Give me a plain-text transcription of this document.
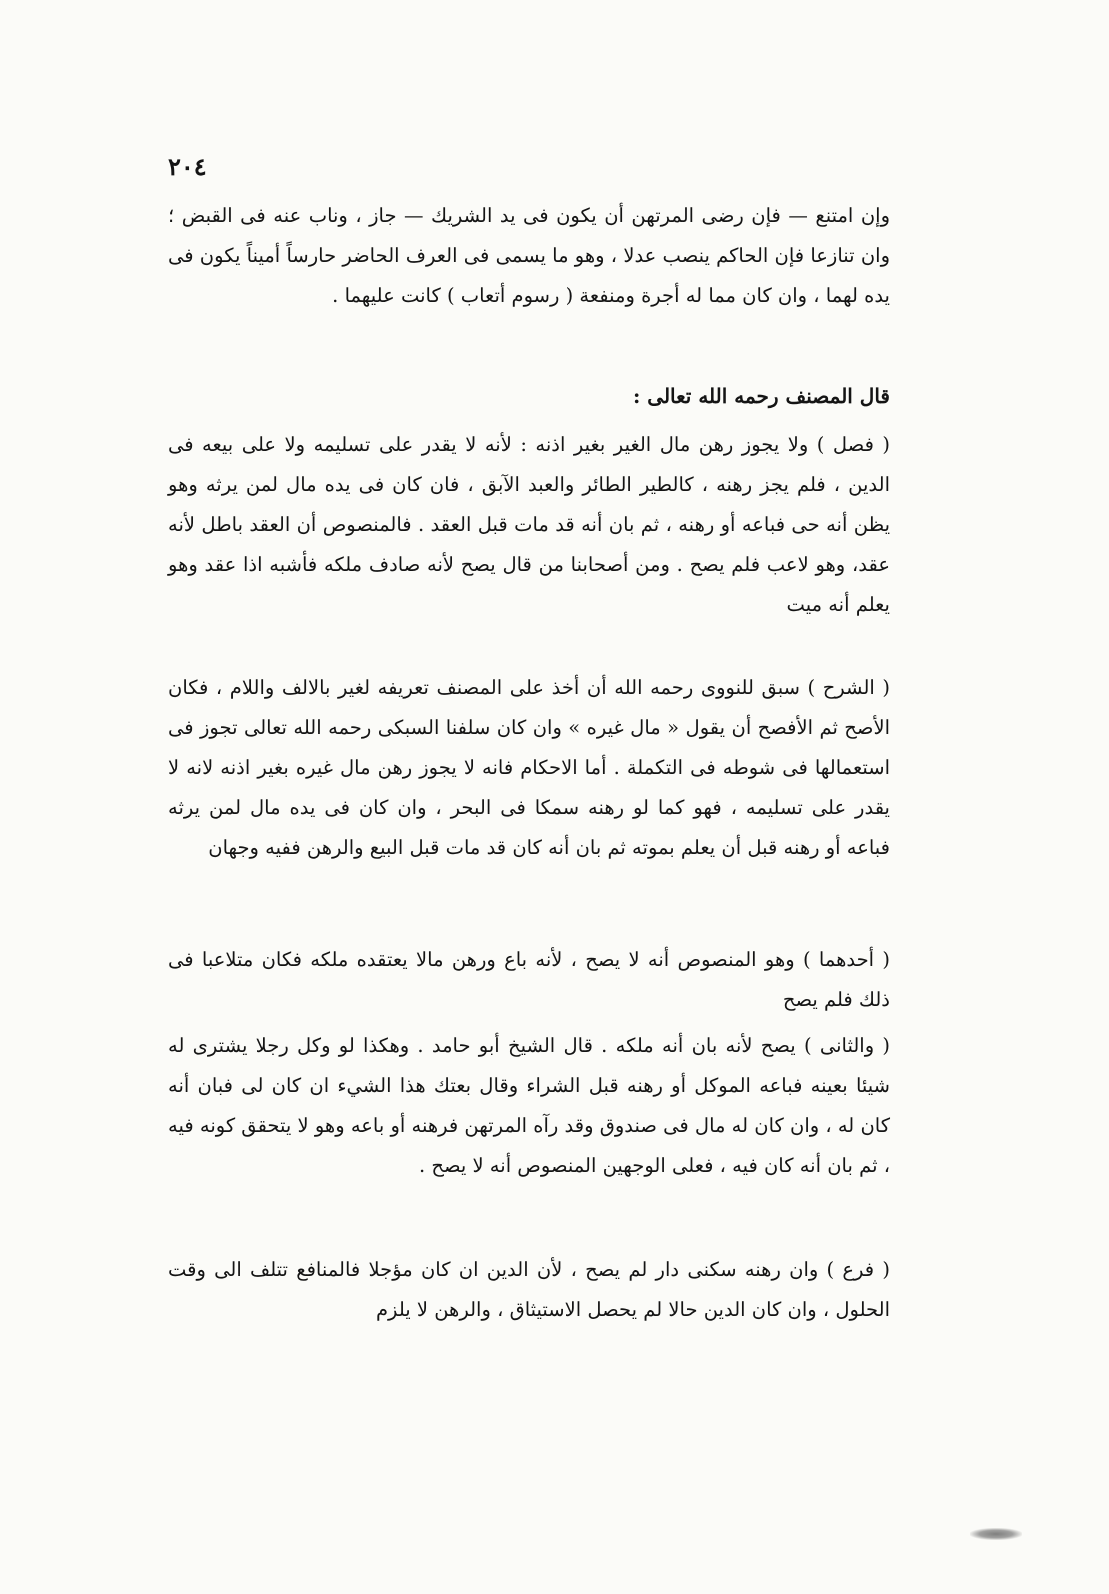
٢٠٤

وإن امتنع — فإن رضى المرتهن أن يكون فى يد الشريك — جاز ، وناب عنه فى القبض ؛ وان تنازعا فإن الحاكم ينصب عدلا ، وهو ما يسمى فى العرف الحاضر حارساً أميناً يكون فى يده لهما ، وان كان مما له أجرة ومنفعة ( رسوم أتعاب ) كانت عليهما .

قال المصنف رحمه الله تعالى :

( فصل ) ولا يجوز رهن مال الغير بغير اذنه : لأنه لا يقدر على تسليمه ولا على بيعه فى الدين ، فلم يجز رهنه ، كالطير الطائر والعبد الآبق ، فان كان فى يده مال لمن يرثه وهو يظن أنه حى فباعه أو رهنه ، ثم بان أنه قد مات قبل العقد . فالمنصوص أن العقد باطل لأنه عقد، وهو لاعب فلم يصح . ومن أصحابنا من قال يصح لأنه صادف ملكه فأشبه اذا عقد وهو يعلم أنه ميت

( الشرح ) سبق للنووى رحمه الله أن أخذ على المصنف تعريفه لغير بالالف واللام ، فكان الأصح ثم الأفصح أن يقول « مال غيره » وان كان سلفنا السبكى رحمه الله تعالى تجوز فى استعمالها فى شوطه فى التكملة . أما الاحكام فانه لا يجوز رهن مال غيره بغير اذنه لانه لا يقدر على تسليمه ، فهو كما لو رهنه سمكا فى البحر ، وان كان فى يده مال لمن يرثه فباعه أو رهنه قبل أن يعلم بموته ثم بان أنه كان قد مات قبل البيع والرهن ففيه وجهان

( أحدهما ) وهو المنصوص أنه لا يصح ، لأنه باع ورهن مالا يعتقده ملكه فكان متلاعبا فى ذلك فلم يصح

( والثانى ) يصح لأنه بان أنه ملكه . قال الشيخ أبو حامد . وهكذا لو وكل رجلا يشترى له شيئا بعينه فباعه الموكل أو رهنه قبل الشراء وقال بعتك هذا الشيء ان كان لى فبان أنه كان له ، وان كان له مال فى صندوق وقد رآه المرتهن فرهنه أو باعه وهو لا يتحقق كونه فيه ، ثم بان أنه كان فيه ، فعلى الوجهين المنصوص أنه لا يصح .

( فرع ) وان رهنه سكنى دار لم يصح ، لأن الدين ان كان مؤجلا فالمنافع تتلف الى وقت الحلول ، وان كان الدين حالا لم يحصل الاستيثاق ، والرهن لا يلزم
